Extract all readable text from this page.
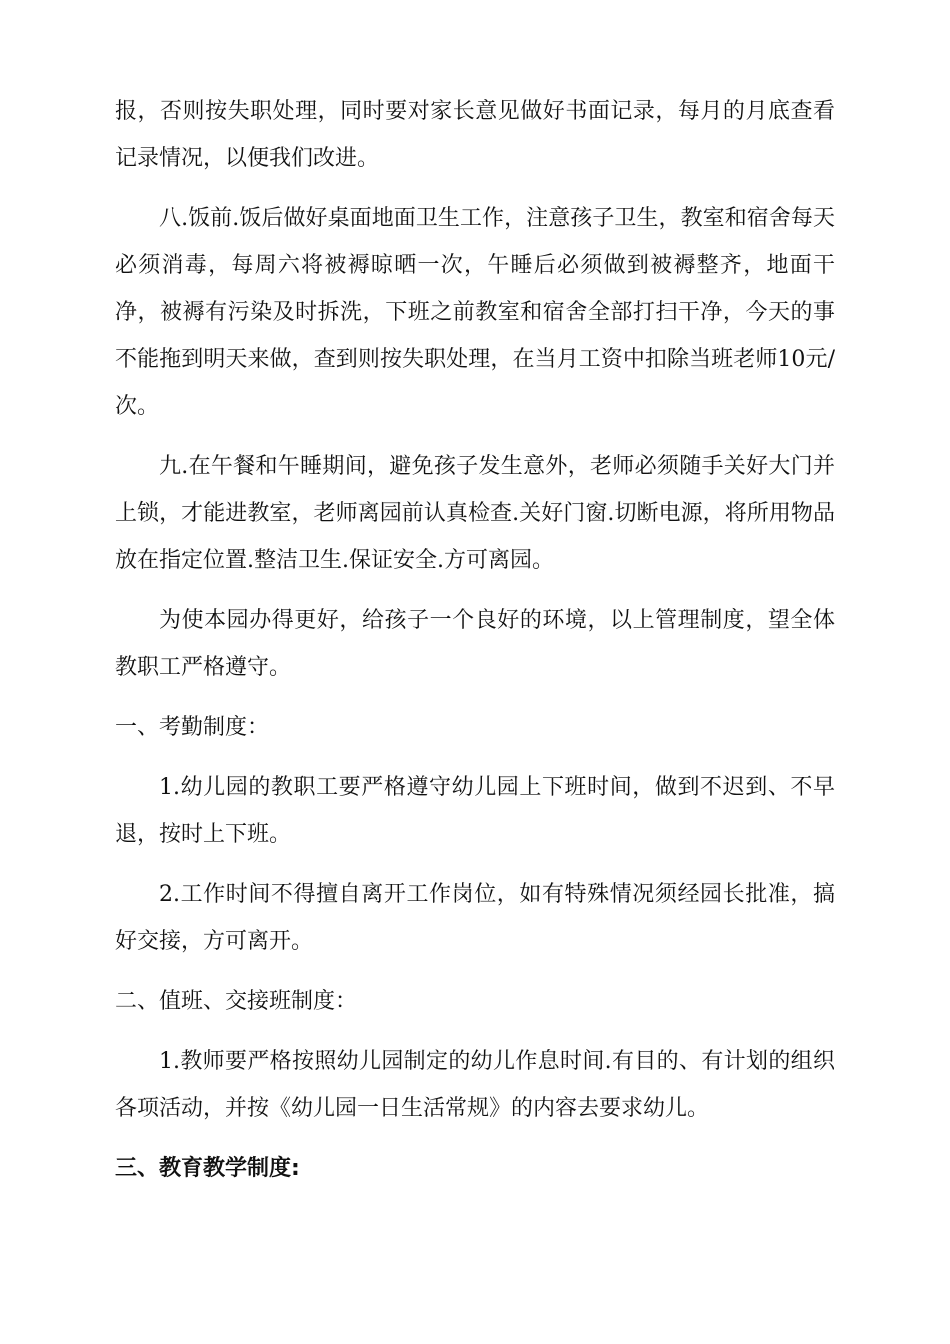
报，否则按失职处理，同时要对家长意见做好书面记录，每月的月底查看记录情况，以便我们改进。

八.饭前.饭后做好桌面地面卫生工作，注意孩子卫生，教室和宿舍每天必须消毒，每周六将被褥晾晒一次，午睡后必须做到被褥整齐，地面干净，被褥有污染及时拆洗，下班之前教室和宿舍全部打扫干净，今天的事不能拖到明天来做，查到则按失职处理，在当月工资中扣除当班老师10元/次。

九.在午餐和午睡期间，避免孩子发生意外，老师必须随手关好大门并上锁，才能进教室，老师离园前认真检查.关好门窗.切断电源，将所用物品放在指定位置.整洁卫生.保证安全.方可离园。

为使本园办得更好，给孩子一个良好的环境，以上管理制度，望全体教职工严格遵守。

一、考勤制度：

1.幼儿园的教职工要严格遵守幼儿园上下班时间，做到不迟到、不早退，按时上下班。

2.工作时间不得擅自离开工作岗位，如有特殊情况须经园长批准，搞好交接，方可离开。

二、值班、交接班制度：

1.教师要严格按照幼儿园制定的幼儿作息时间.有目的、有计划的组织各项活动，并按《幼儿园一日生活常规》的内容去要求幼儿。

三、教育教学制度:
